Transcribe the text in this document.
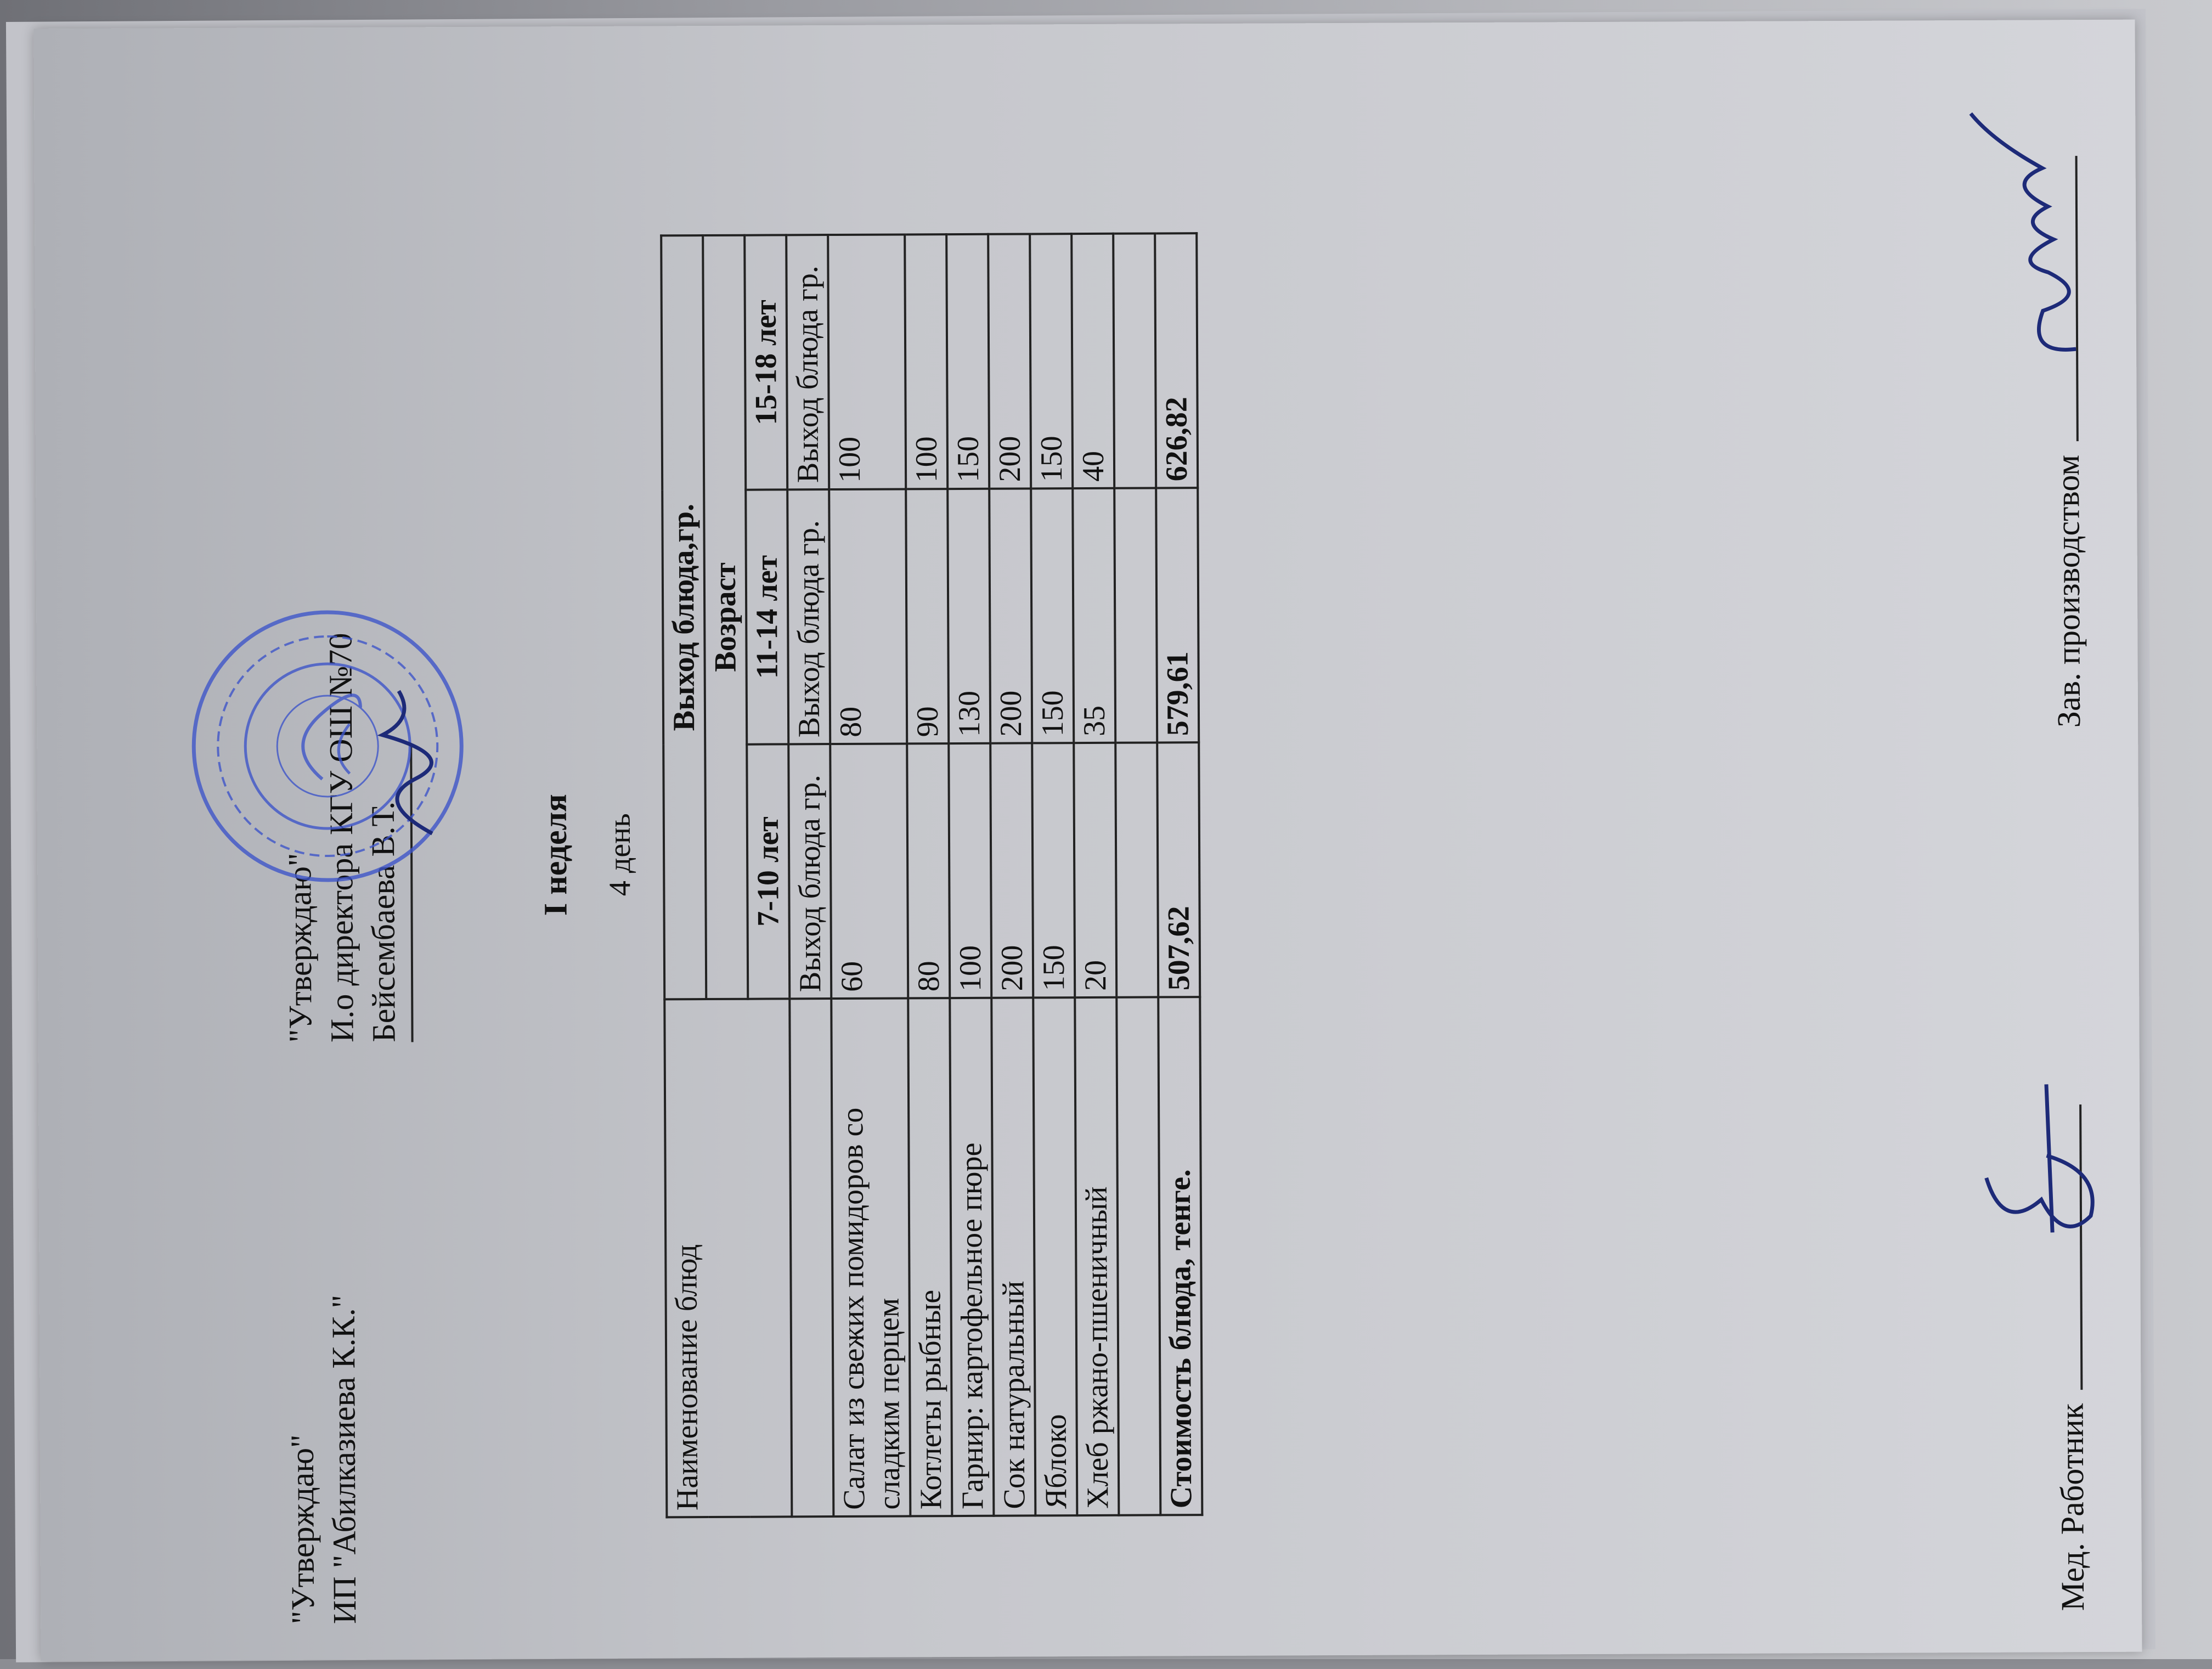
"Утверждаю" ИП "Абилказиева К.К."
"Утверждаю" И.о директора КГУ ОШ №70 Бейсембаева В.Т.	I неделя 4 день
Наименование блюд	Выход блюда,гр.		
	Возраст		
	7-10 лет	11-14 лет	15-18 лет
	Выход блюда гр.	Выход блюда гр.	Выход блюда гр.
Салат из свежих помидоров со сладким перцем	60	80	100
Котлеты рыбные	80	90	100
Гарнир: картофельное пюре	100	130	150
Сок натуральный	200	200	200
Яблоко	150	150	150
Хлеб ржано-пшеничный	20	35	40

Стоимость блюда, тенге.	507,62	579,61	626,82
Мед. Работник
Зав. производством
